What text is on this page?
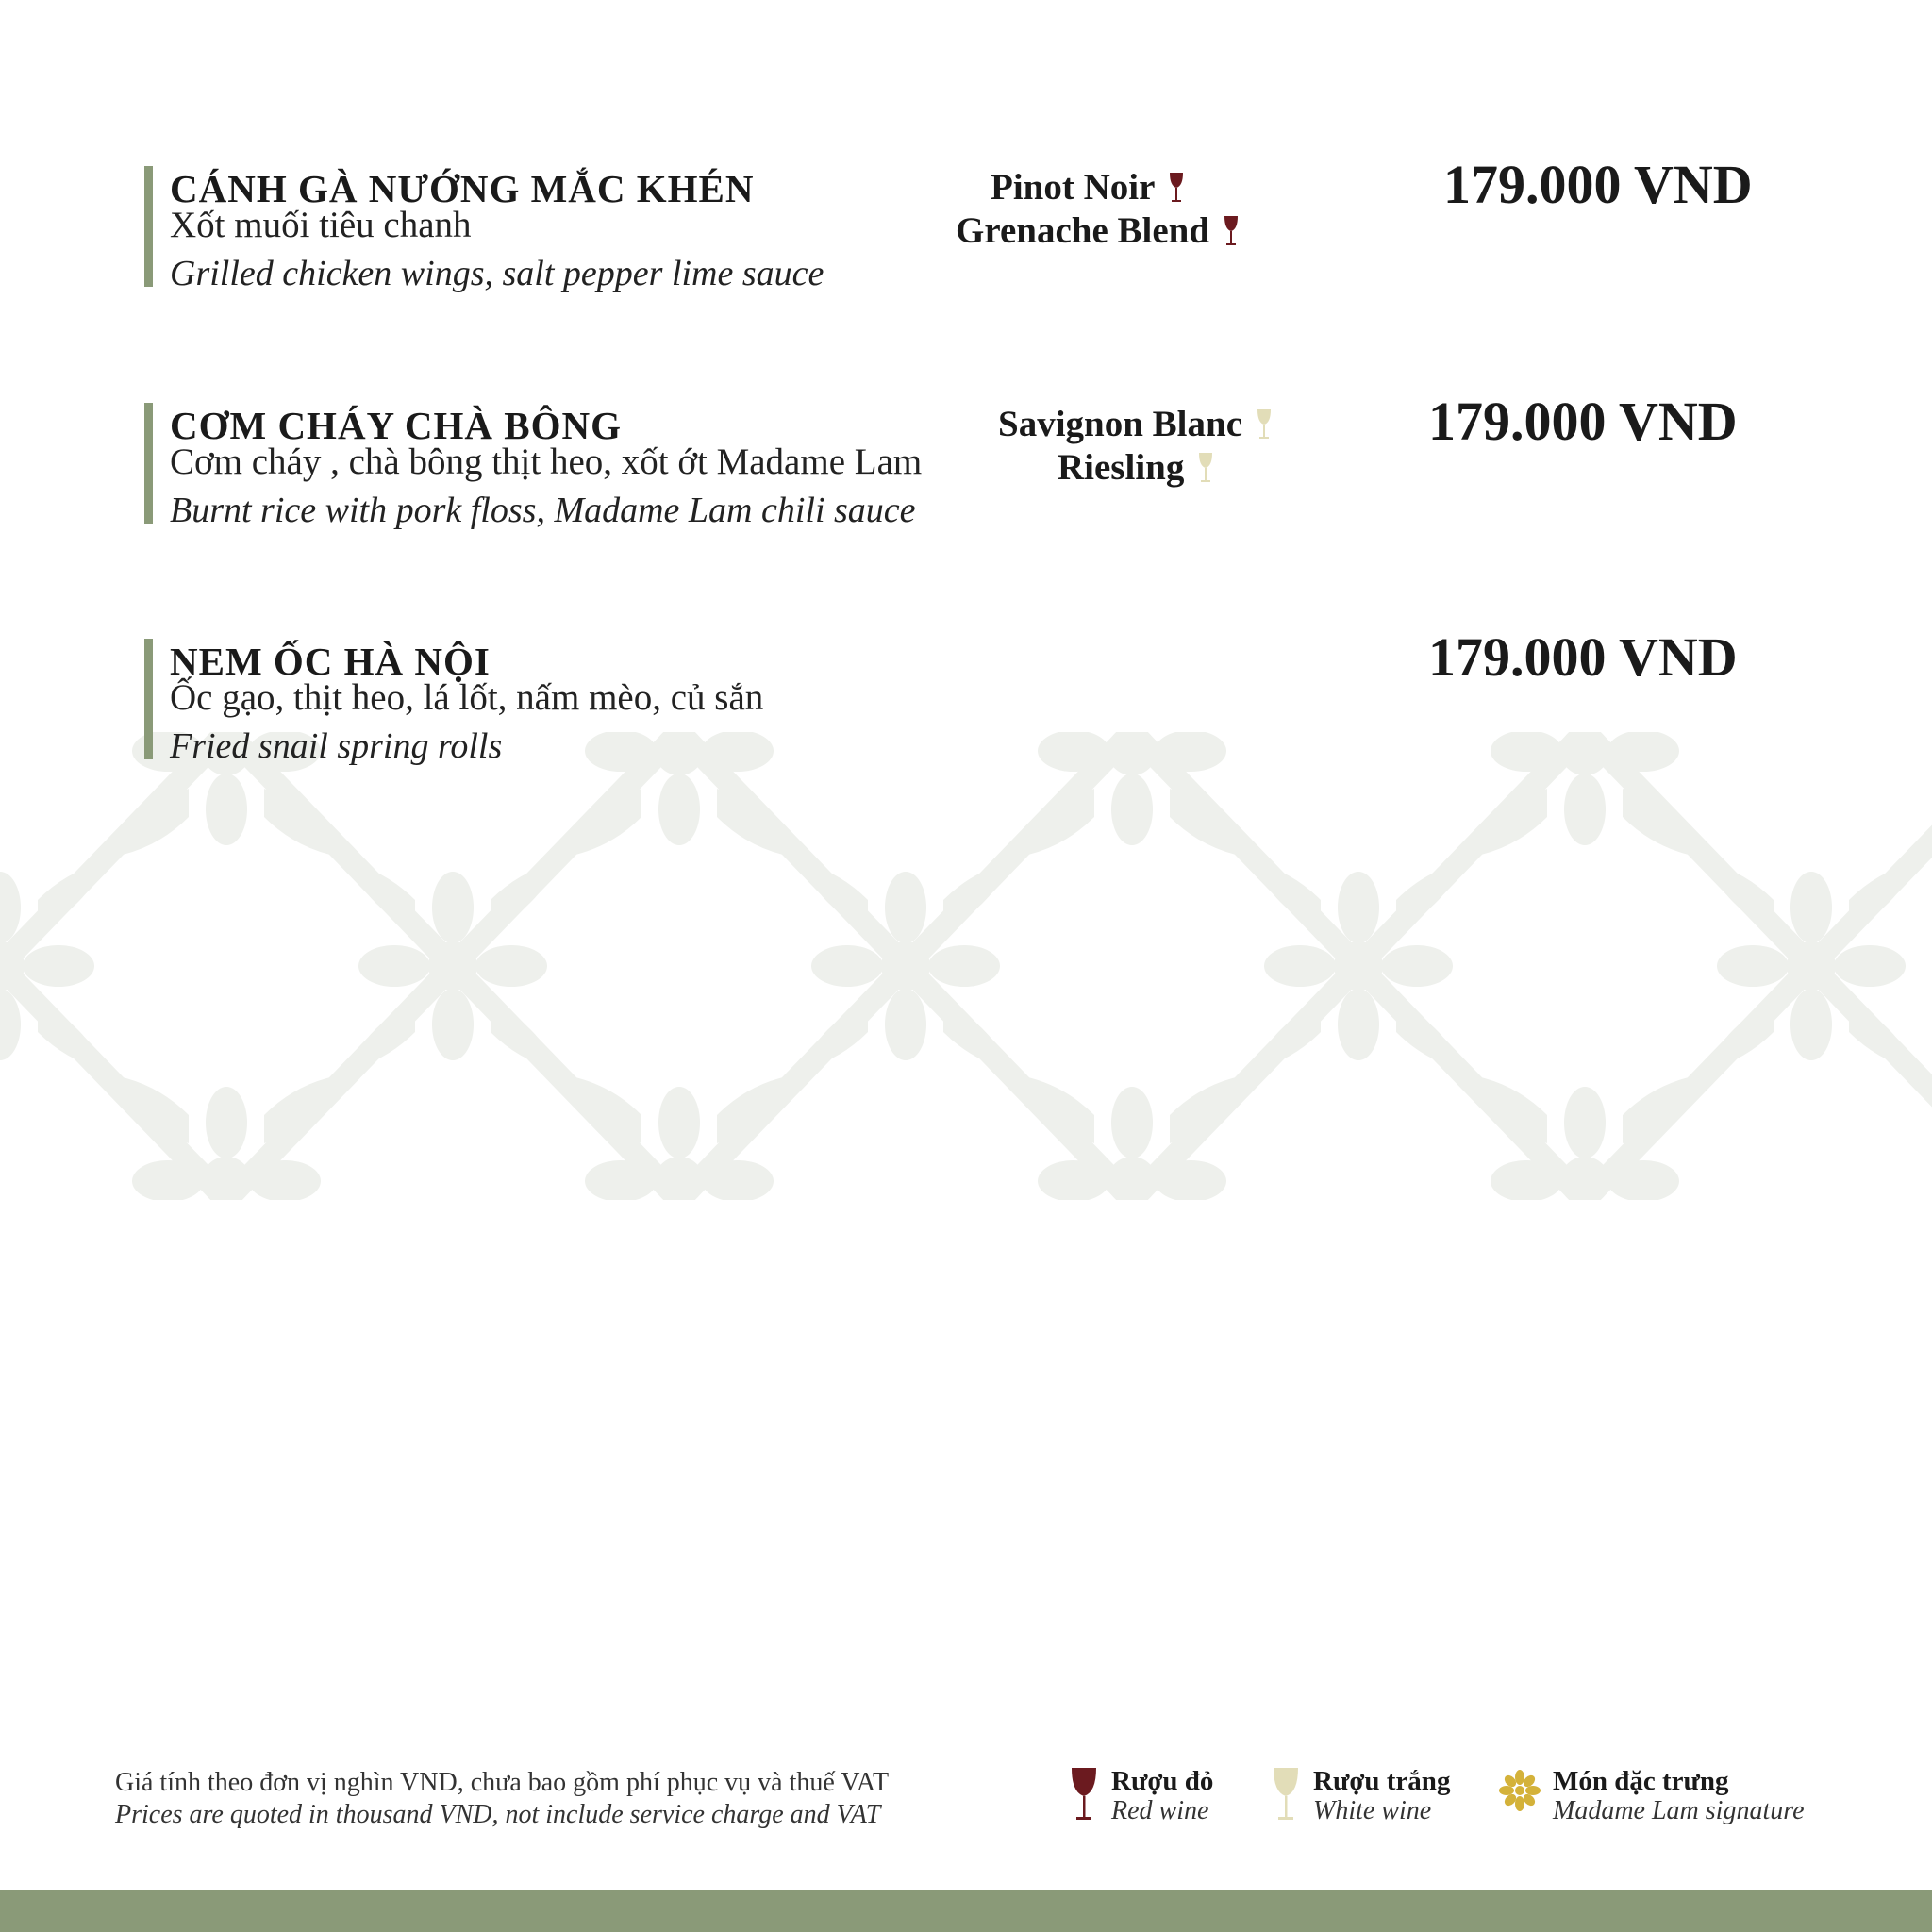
CÁNH GÀ NƯỚNG MẮC KHÉN
Xốt muối tiêu chanh
Grilled chicken wings, salt pepper lime sauce
Pinot Noir
Grenache Blend
179.000 VND
CƠM CHÁY CHÀ BÔNG
Cơm cháy , chà bông thịt heo, xốt ớt Madame Lam
Burnt rice with pork floss, Madame Lam chili sauce
Savignon Blanc
Riesling
179.000 VND
NEM ỐC HÀ NỘI
Ốc gạo, thịt heo, lá lốt, nấm mèo, củ sắn
Fried snail spring rolls
179.000 VND
Giá tính theo đơn vị nghìn VND, chưa bao gồm phí phục vụ và thuế VAT
Prices are quoted in thousand VND, not include service charge and VAT
Rượu đỏ
Red wine
Rượu trắng
White wine
Món đặc trưng
Madame Lam signature
